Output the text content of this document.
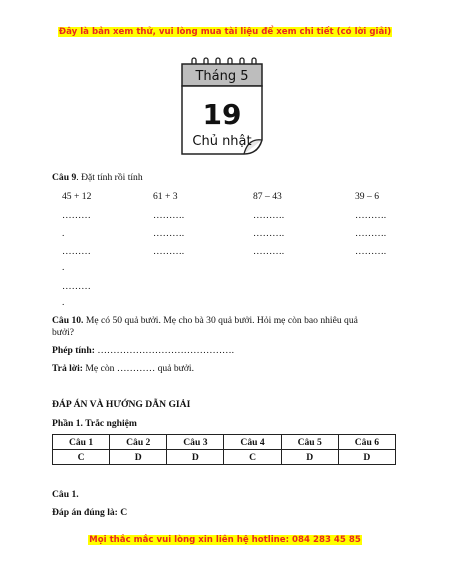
Đây là bản xem thử, vui lòng mua tài liệu để xem chi tiết (có lời giải)
Tháng 5
19
Chủ nhật
Câu 9. Đặt tính rồi tính
45 + 12	61 + 3	87 – 43	39 – 6
………	……….	……….	……….
.	……….	……….	……….
………	……….	……….	……….
.
………
.
Câu 10. Mẹ có 50 quả bưởi. Mẹ cho bà 30 quả bưởi. Hỏi mẹ còn bao nhiêu quả
bưởi?
Phép tính: …………………………………….
Trả lời: Mẹ còn ………… quả bưởi.
ĐÁP ÁN VÀ HƯỚNG DẪN GIẢI
Phần 1. Trắc nghiệm
Câu 1	Câu 2	Câu 3	Câu 4	Câu 5	Câu 6
C	D	D	C	D	D
Câu 1.
Đáp án đúng là: C
Mọi thắc mắc vui lòng xin liên hệ hotline: 084 283 45 85
